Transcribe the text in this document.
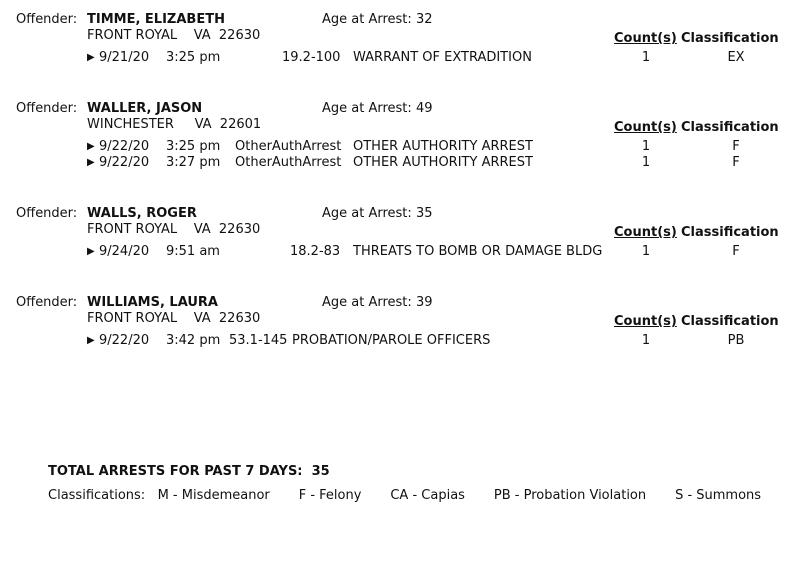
Offender: TIMME, ELIZABETH	Age at Arrest: 32
FRONT ROYAL    VA  22630	Count(s) Classification
▶ 9/21/20 3:25 pm	19.2-100 WARRANT OF EXTRADITION	1	EX
Offender: WALLER, JASON	Age at Arrest: 49
WINCHESTER     VA  22601	Count(s) Classification
▶ 9/22/20 3:25 pm OtherAuthArrest OTHER AUTHORITY ARREST	1	F
▶ 9/22/20 3:27 pm OtherAuthArrest OTHER AUTHORITY ARREST	1	F
Offender: WALLS, ROGER	Age at Arrest: 35
FRONT ROYAL    VA  22630	Count(s) Classification
▶ 9/24/20 9:51 am	18.2-83 THREATS TO BOMB OR DAMAGE BLDG	1	F
Offender: WILLIAMS, LAURA	Age at Arrest: 39
FRONT ROYAL    VA  22630	Count(s) Classification
▶ 9/22/20 3:42 pm 53.1-145 PROBATION/PAROLE OFFICERS	1	PB
TOTAL ARRESTS FOR PAST 7 DAYS: 35
Classifications: M - Misdemeanor F - Felony CA - Capias PB - Probation Violation S - Summons
